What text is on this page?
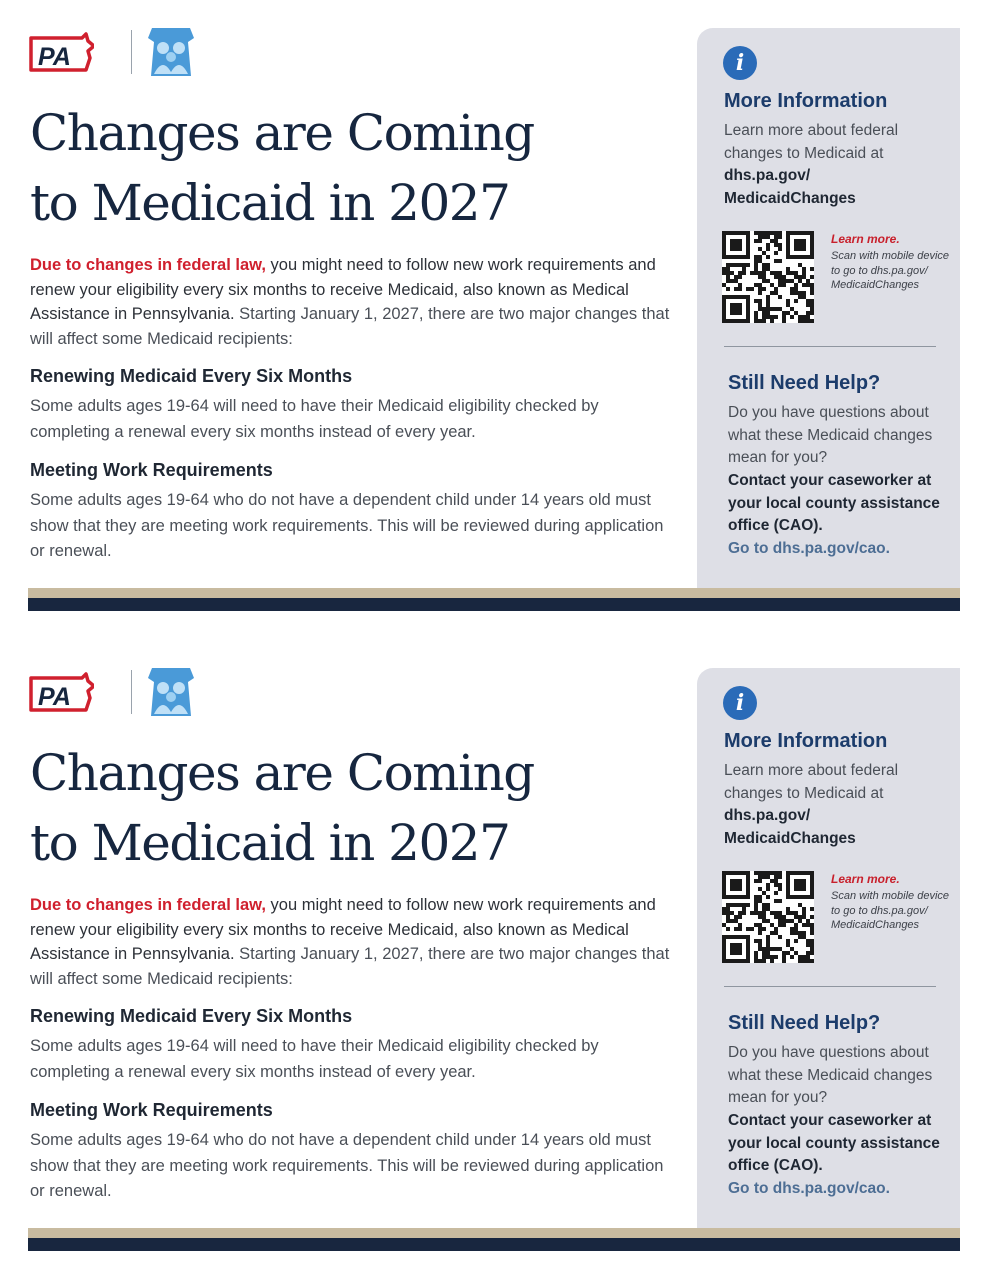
PA
Changes are Coming
to Medicaid in 2027

Due to changes in federal law, you might need to follow new work requirements and renew your eligibility every six months to receive Medicaid, also known as Medical Assistance in Pennsylvania. Starting January 1, 2027, there are two major changes that will affect some Medicaid recipients:

Renewing Medicaid Every Six Months

Some adults ages 19-64 will need to have their Medicaid eligibility checked by completing a renewal every six months instead of every year.

Meeting Work Requirements

Some adults ages 19-64 who do not have a dependent child under 14 years old must show that they are meeting work requirements. This will be reviewed during application or renewal.

i
More Information

Learn more about federal changes to Medicaid at

dhs.pa.gov/
MedicaidChanges
Learn more.

Scan with mobile device to go to dhs.pa.gov/ MedicaidChanges

Still Need Help?

Do you have questions about what these Medicaid changes mean for you?

Contact your caseworker at your local county assistance office (CAO).

Go to dhs.pa.gov/cao.

PA
Changes are Coming
to Medicaid in 2027

Due to changes in federal law, you might need to follow new work requirements and renew your eligibility every six months to receive Medicaid, also known as Medical Assistance in Pennsylvania. Starting January 1, 2027, there are two major changes that will affect some Medicaid recipients:

Renewing Medicaid Every Six Months

Some adults ages 19-64 will need to have their Medicaid eligibility checked by completing a renewal every six months instead of every year.

Meeting Work Requirements

Some adults ages 19-64 who do not have a dependent child under 14 years old must show that they are meeting work requirements. This will be reviewed during application or renewal.

i
More Information

Learn more about federal changes to Medicaid at

dhs.pa.gov/
MedicaidChanges
Learn more.

Scan with mobile device to go to dhs.pa.gov/ MedicaidChanges

Still Need Help?

Do you have questions about what these Medicaid changes mean for you?

Contact your caseworker at your local county assistance office (CAO).

Go to dhs.pa.gov/cao.
